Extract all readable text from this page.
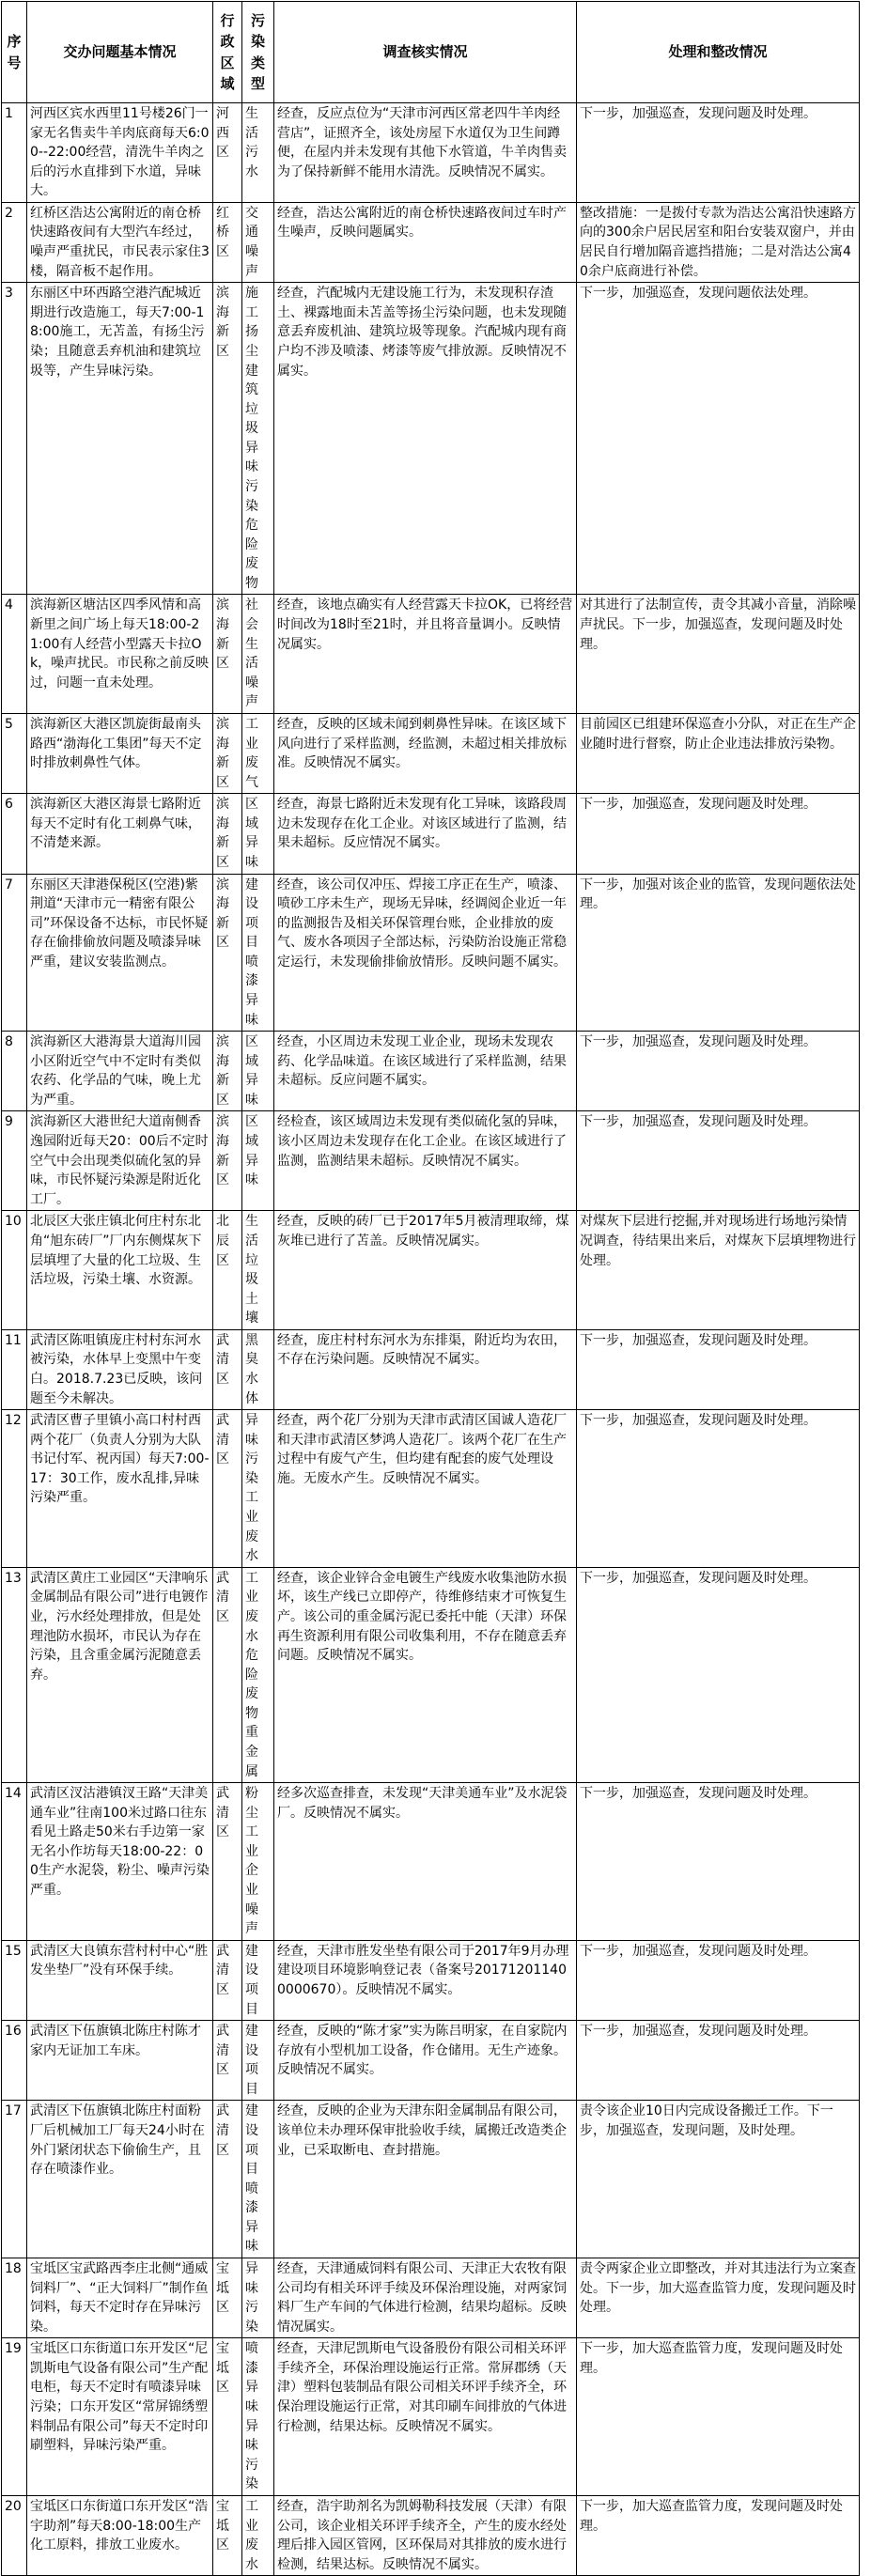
序号	交办问题基本情况	行政区域	污染类型	调查核实情况	处理和整改情况
1	河西区宾水西里11号楼26门一家无名售卖牛羊肉底商每天6:00--22:00经营，清洗牛羊肉之后的污水直排到下水道，异味大。	河西区	生活污水	经查，反应点位为“天津市河西区常老四牛羊肉经营店”，证照齐全，该处房屋下水道仅为卫生间蹲便，在屋内并未发现有其他下水管道，牛羊肉售卖为了保持新鲜不能用水清洗。反映情况不属实。	下一步，加强巡查，发现问题及时处理。
2	红桥区浩达公寓附近的南仓桥快速路夜间有大型汽车经过，噪声严重扰民，市民表示家住3楼，隔音板不起作用。	红桥区	交通噪声	经查，浩达公寓附近的南仓桥快速路夜间过车时产生噪声，反映问题属实。	整改措施：一是拨付专款为浩达公寓沿快速路方向的300余户居民居室和阳台安装双窗户，并由居民自行增加隔音遮挡措施；二是对浩达公寓40余户底商进行补偿。
3	东丽区中环西路空港汽配城近期进行改造施工，每天7:00-18:00施工，无苫盖，有扬尘污染；且随意丢弃机油和建筑垃圾等，产生异味污染。	滨海新区	施工扬尘建筑垃圾异味污染危险废物	经查，汽配城内无建设施工行为，未发现积存渣土、裸露地面未苫盖等扬尘污染问题，也未发现随意丢弃废机油、建筑垃圾等现象。汽配城内现有商户均不涉及喷漆、烤漆等废气排放源。反映情况不属实。	下一步，加强巡查，发现问题依法处理。
4	滨海新区塘沽区四季风情和高新里之间广场上每天18:00-21:00有人经营小型露天卡拉Ok，噪声扰民。市民称之前反映过，问题一直未处理。	滨海新区	社会生活噪声	经查，该地点确实有人经营露天卡拉OK，已将经营时间改为18时至21时，并且将音量调小。反映情况属实。	对其进行了法制宣传，责令其减小音量，消除噪声扰民。下一步，加强巡查，发现问题及时处理。
5	滨海新区大港区凯旋街最南头路西“渤海化工集团”每天不定时排放刺鼻性气体。	滨海新区	工业废气	经查，反映的区域未闻到刺鼻性异味。在该区域下风向进行了采样监测，经监测，未超过相关排放标准。反映情况不属实。	目前园区已组建环保巡查小分队，对正在生产企业随时进行督察，防止企业违法排放污染物。
6	滨海新区大港区海景七路附近每天不定时有化工刺鼻气味，不清楚来源。	滨海新区	区域异味	经查，海景七路附近未发现有化工异味，该路段周边未发现存在化工企业。对该区域进行了监测，结果未超标。反应情况不属实。	下一步，加强巡查，发现问题及时处理。
7	东丽区天津港保税区(空港)紫荆道“天津市元一精密有限公司”环保设备不达标，市民怀疑存在偷排偷放问题及喷漆异味严重，建议安装监测点。	滨海新区	建设项目喷漆异味	经查，该公司仅冲压、焊接工序正在生产，喷漆、喷砂工序未生产，现场无异味，经调阅企业近一年的监测报告及相关环保管理台账，企业排放的废气、废水各项因子全部达标，污染防治设施正常稳定运行，未发现偷排偷放情形。反映问题不属实。	下一步，加强对该企业的监管，发现问题依法处理。
8	滨海新区大港海景大道海川园小区附近空气中不定时有类似农药、化学品的气味，晚上尤为严重。	滨海新区	区域异味	经查，小区周边未发现工业企业，现场未发现农药、化学品味道。在该区域进行了采样监测，结果未超标。反应问题不属实。	下一步，加强巡查，发现问题及时处理。
9	滨海新区大港世纪大道南侧香逸园附近每天20：00后不定时空气中会出现类似硫化氢的异味，市民怀疑污染源是附近化工厂。	滨海新区	区域异味	经检查，该区域周边未发现有类似硫化氢的异味，该小区周边未发现存在化工企业。在该区域进行了监测，监测结果未超标。反映情况不属实。	下一步，加强巡查，发现问题及时处理。
10	北辰区大张庄镇北何庄村东北角“旭东砖厂”厂内东侧煤灰下层填埋了大量的化工垃圾、生活垃圾，污染土壤、水资源。	北辰区	生活垃圾土壤	经查，反映的砖厂已于2017年5月被清理取缔，煤灰堆已进行了苫盖。反映情况属实。	对煤灰下层进行挖掘,并对现场进行场地污染情况调查，待结果出来后，对煤灰下层填埋物进行处理。
11	武清区陈咀镇庞庄村村东河水被污染，水体早上变黑中午变白。2018.7.23已反映，该问题至今未解决。	武清区	黑臭水体	经查，庞庄村村东河水为东排渠，附近均为农田，不存在污染问题。反映情况不属实。	下一步，加强巡查，发现问题及时处理。
12	武清区曹子里镇小高口村村西两个花厂（负责人分别为大队书记付军、祝丙国）每天7:00-17：30工作，废水乱排,异味污染严重。	武清区	异味污染工业废水	经查，两个花厂分别为天津市武清区国诚人造花厂和天津市武清区梦鸿人造花厂。该两个花厂在生产过程中有废气产生，但均建有配套的废气处理设施。无废水产生。反映情况不属实。	下一步，加强巡查，发现问题及时处理。
13	武清区黄庄工业园区“天津响乐金属制品有限公司”进行电镀作业，污水经处理排放，但是处理池防水损坏，市民认为存在污染，且含重金属污泥随意丢弃。	武清区	工业废水危险废物重金属	经查，该企业锌合金电镀生产线废水收集池防水损坏，该生产线已立即停产，待维修结束才可恢复生产。该公司的重金属污泥已委托中能（天津）环保再生资源利用有限公司收集利用，不存在随意丢弃问题。反映情况不属实。	下一步，加强巡查，发现问题及时处理。
14	武清区汊沽港镇汊王路“天津美通车业”往南100米过路口往东看见土路走50米右手边第一家无名小作坊每天18:00-22：00生产水泥袋，粉尘、噪声污染严重。	武清区	粉尘工业企业噪声	经多次巡查排查，未发现“天津美通车业”及水泥袋厂。反映情况不属实。	下一步，加强巡查，发现问题及时处理。
15	武清区大良镇东营村村中心“胜发坐垫厂”没有环保手续。	武清区	建设项目	经查，天津市胜发坐垫有限公司于2017年9月办理建设项目环境影响登记表（备案号201712011400000670）。反映情况不属实。	下一步，加强巡查，发现问题及时处理。
16	武清区下伍旗镇北陈庄村陈才家内无证加工车床。	武清区	建设项目	经查，反映的“陈才家”实为陈吕明家，在自家院内存放有小型机加工设备，作仓储用。无生产迹象。反映情况不属实。	下一步，加强巡查，发现问题及时处理。
17	武清区下伍旗镇北陈庄村面粉厂后机械加工厂每天24小时在外门紧闭状态下偷偷生产，且存在喷漆作业。	武清区	建设项目喷漆异味	经查，反映的企业为天津东阳金属制品有限公司，该单位未办理环保审批验收手续，属搬迁改造类企业，已采取断电、查封措施。	责令该企业10日内完成设备搬迁工作。下一步，加强巡查，发现问题，及时处理。
18	宝坻区宝武路西李庄北侧“通威饲料厂”、“正大饲料厂”制作鱼饲料，每天不定时存在异味污染。	宝坻区	异味污染	经查，天津通威饲料有限公司、天津正大农牧有限公司均有相关环评手续及环保治理设施，对两家饲料厂生产车间的气体进行检测，结果均超标。反映情况属实。	责令两家企业立即整改，并对其违法行为立案查处。下一步，加大巡查监管力度，发现问题及时处理。
19	宝坻区口东街道口东开发区“尼凯斯电气设备有限公司”生产配电柜，每天不定时有喷漆异味污染；口东开发区“常屏锦绣塑料制品有限公司”每天不定时印刷塑料，异味污染严重。	宝坻区	喷漆异味异味污染	经查，天津尼凯斯电气设备股份有限公司相关环评手续齐全，环保治理设施运行正常。常屏郡绣（天津）塑料包装制品有限公司相关环评手续齐全，环保治理设施运行正常，对其印刷车间排放的气体进行检测，结果达标。反映情况不属实。	下一步，加大巡查监管力度，发现问题及时处理。
20	宝坻区口东街道口东开发区“浩宇助剂”每天8:00-18:00生产化工原料，排放工业废水。	宝坻区	工业废水	经查，浩宇助剂名为凯姆勒科技发展（天津）有限公司，该企业相关环评手续齐全，产生的废水经处理后排入园区管网，区环保局对其排放的废水进行检测，结果达标。反映情况不属实。	下一步，加大巡查监管力度，发现问题及时处理。
